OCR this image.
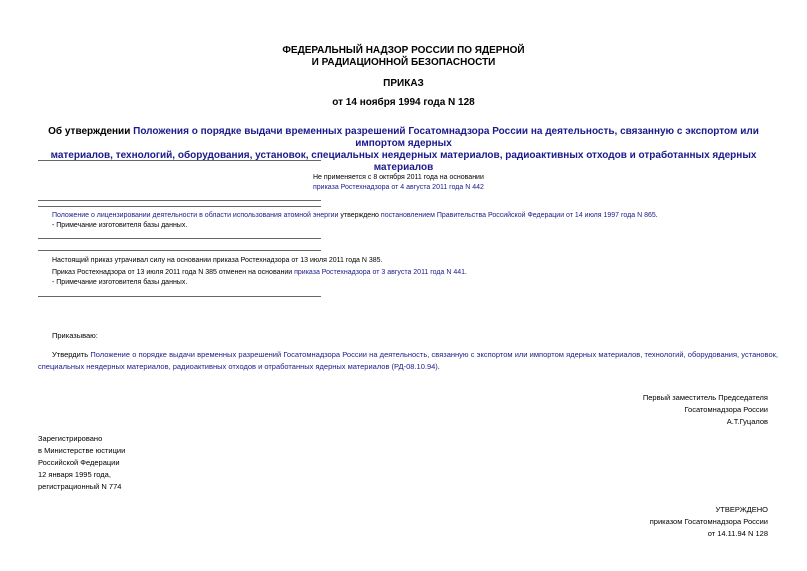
ФЕДЕРАЛЬНЫЙ НАДЗОР РОССИИ ПО ЯДЕРНОЙ
И РАДИАЦИОННОЙ БЕЗОПАСНОСТИ
ПРИКАЗ
от 14 ноября 1994 года N 128
Об утверждении Положения о порядке выдачи временных разрешений Госатомнадзора России на деятельность, связанную с экспортом или импортом ядерных
материалов, технологий, оборудования, установок, специальных неядерных материалов, радиоактивных отходов и отработанных ядерных материалов
Не применяется с 8 октября 2011 года на основании
приказа Ростехнадзора от 4 августа 2011 года N 442
Положение о лицензировании деятельности в области использования атомной энергии утверждено постановлением Правительства Российской Федерации от 14 июля 1997 года N 865.
- Примечание изготовителя базы данных.
Настоящий приказ утрачивал силу на основании приказа Ростехнадзора от 13 июля 2011 года N 385.
Приказ Ростехнадзора от 13 июля 2011 года N 385 отменен на основании приказа Ростехнадзора от 3 августа 2011 года N 441.
- Примечание изготовителя базы данных.
Приказываю:
Утвердить Положение о порядке выдачи временных разрешений Госатомнадзора России на деятельность, связанную с экспортом или импортом ядерных материалов, технологий, оборудования, установок,
специальных неядерных материалов, радиоактивных отходов и отработанных ядерных материалов (РД-08.10.94).
Первый заместитель Председателя
Госатомнадзора России
А.Т.Гуцалов
Зарегистрировано
в Министерстве юстиции
Российской Федерации
12 января 1995 года,
регистрационный N 774
УТВЕРЖДЕНО
приказом Госатомнадзора России
от 14.11.94 N 128
